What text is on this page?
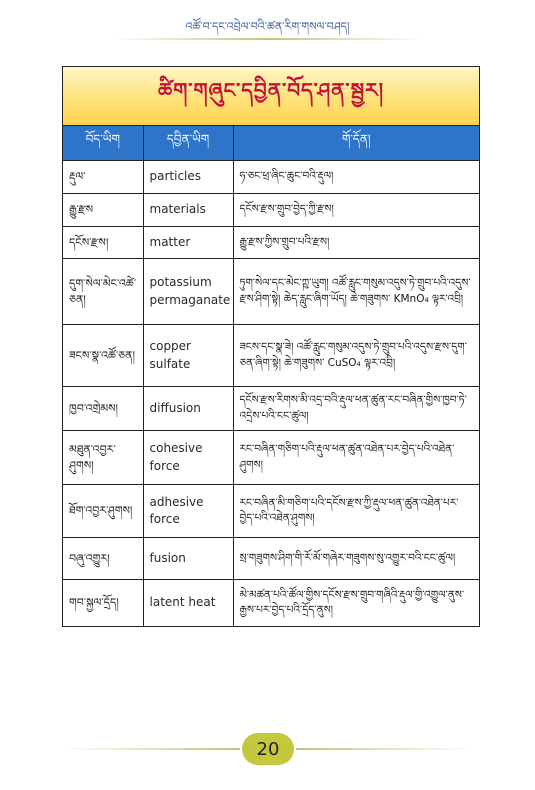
འཚོ་བ་དང་འབྲེལ་བའི་ཚན་རིག་གསལ་བཤད།
ཚིག་གཞུང་དབྱིན་བོད་ཤན་སྦྱར།
བོད་ཡིག	དབྱིན་ཡིག	གོ་དོན།
རྡུལ་	particles	ཧ་ཅང་ཕྲ་ཞིང་ཆུང་བའི་རྡུལ།
རྒྱུ་རྫས	materials	དངོས་རྫས་གྲུབ་བྱེད་ཀྱི་རྫས།
དངོས་རྫས།	matter	རྒྱུ་རྫས་ཀྱིས་གྲུབ་པའི་རྫས།
དུག་སེལ་མེང་འཚེ་ཅན།	potassium permaganate	ཏུག་སེལ་དང་མེང་ཀྵ་ཡུག། འཚོ་རླུང་གསུམ་འདུས་ཏེ་གྲུབ་པའི་འདུས་རྫས་ཤིག་སྟེ། ཆེད་རླུང་ཞིག་ཡོད། ཆེ་གཟུགས་ KMnO₄ ལྟར་འབྲི།
ཟངས་སྣ་འཚོ་ཅན།	copper sulfate	ཟངས་དང་སྣ་ཟེ། འཚོ་རླུང་གསུམ་འདུས་ཏེ་གྲུབ་པའི་འདུས་རྫས་དུག་ཅན་ཞིག་སྟེ། ཆེ་གཟུགས་ CuSO₄ ལྟར་འབྲི།
ཁྱབ་འགྲེམས།	diffusion	དངོས་རྫས་རིགས་མི་འདྲ་བའི་རྡུལ་ཕན་ཚུན་རང་བཞིན་གྱིས་ཁྱབ་ཏེ་འདྲེས་པའི་ངང་ཚུལ།
མཐུན་འབྱར་ཤུགས།	cohesive force	རང་བཞིན་གཅིག་པའི་རྡུལ་ཕན་ཚུན་འཐེན་པར་བྱེད་པའི་འཐེན་ཤུགས།
ཐོག་འབྱར་ཤུགས།	adhesive force	རང་བཞིན་མི་གཅིག་པའི་དངོས་རྫས་ཀྱི་རྡུལ་ཕན་ཚུན་འཐེན་པར་བྱེད་པའི་འཐེན་ཤུགས།
བཞུ་འགྱུར།	fusion	སྲ་གཟུགས་ཤིག་གི་རོ་མོ་གཞེར་གཟུགས་སུ་འགྱུར་བའི་ངང་ཚུལ།
གབ་སྐྱལ་དྲོད།	latent heat	མེ་མཚན་པའི་ཚོལ་གྱིས་དངོས་རྫས་གྲུབ་གཞིའི་རྡུལ་གྱི་འགྱུལ་ནུས་རྒྱས་པར་བྱེད་པའི་དྲོད་ནུས།
20
